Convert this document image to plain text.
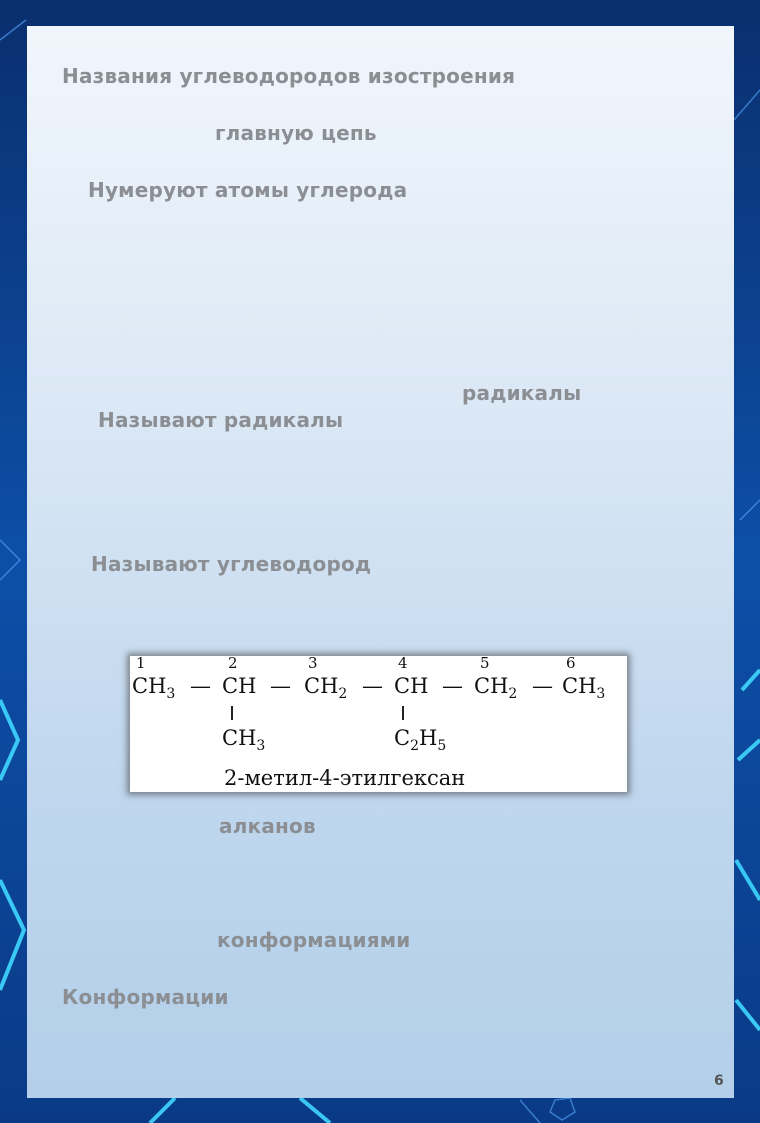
Названия углеводородов изостроения
главную цепь
Нумеруют атомы углерода
радикалы
Называют радикалы
Называют углеводород
алканов
конформациями
Конформации
1	2	3	4	5	6
$CH_3$ — CH — $CH_2$ — CH — $CH_2$ — $CH_3$
$CH_3$	$C_2H_5$
2-метил-4-этилгексан
6
